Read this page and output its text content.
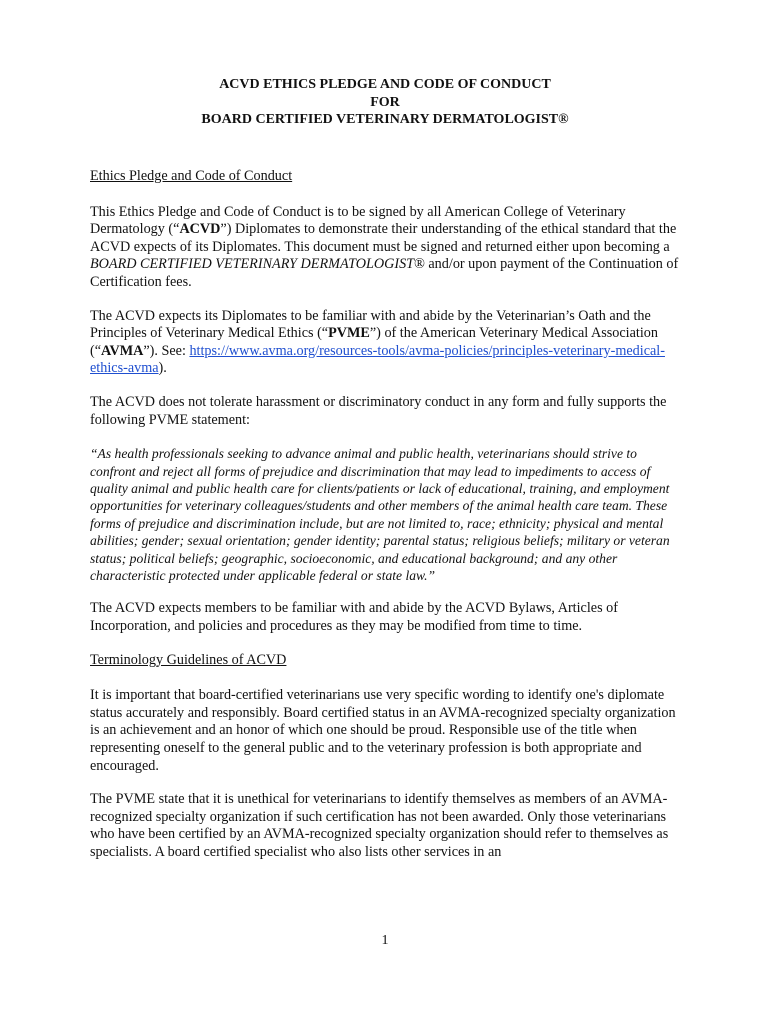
ACVD ETHICS PLEDGE AND CODE OF CONDUCT
FOR
BOARD CERTIFIED VETERINARY DERMATOLOGIST®

Ethics Pledge and Code of Conduct

This Ethics Pledge and Code of Conduct is to be signed by all American College of Veterinary Dermatology (“ACVD”) Diplomates to demonstrate their understanding of the ethical standard that the ACVD expects of its Diplomates. This document must be signed and returned either upon becoming a BOARD CERTIFIED VETERINARY DERMATOLOGIST® and/or upon payment of the Continuation of Certification fees.

The ACVD expects its Diplomates to be familiar with and abide by the Veterinarian’s Oath and the Principles of Veterinary Medical Ethics (“PVME”) of the American Veterinary Medical Association (“AVMA”). See: https://www.avma.org/resources-tools/avma-policies/principles-veterinary-medical-ethics-avma).

The ACVD does not tolerate harassment or discriminatory conduct in any form and fully supports the following PVME statement:

“As health professionals seeking to advance animal and public health, veterinarians should strive to confront and reject all forms of prejudice and discrimination that may lead to impediments to access of quality animal and public health care for clients/patients or lack of educational, training, and employment opportunities for veterinary colleagues/students and other members of the animal health care team. These forms of prejudice and discrimination include, but are not limited to, race; ethnicity; physical and mental abilities; gender; sexual orientation; gender identity; parental status; religious beliefs; military or veteran status; political beliefs; geographic, socioeconomic, and educational background; and any other characteristic protected under applicable federal or state law.”

The ACVD expects members to be familiar with and abide by the ACVD Bylaws, Articles of Incorporation, and policies and procedures as they may be modified from time to time.

Terminology Guidelines of ACVD

It is important that board-certified veterinarians use very specific wording to identify one's diplomate status accurately and responsibly. Board certified status in an AVMA-recognized specialty organization is an achievement and an honor of which one should be proud. Responsible use of the title when representing oneself to the general public and to the veterinary profession is both appropriate and encouraged.

The PVME state that it is unethical for veterinarians to identify themselves as members of an AVMA-recognized specialty organization if such certification has not been awarded. Only those veterinarians who have been certified by an AVMA-recognized specialty organization should refer to themselves as specialists. A board certified specialist who also lists other services in an

1
